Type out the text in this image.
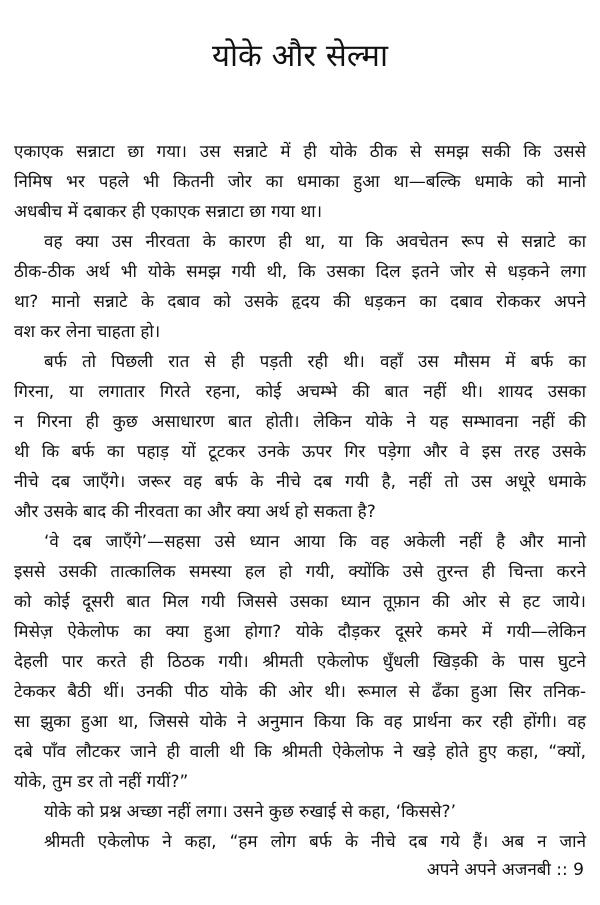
योके और सेल्मा
एकाएक सन्नाटा छा गया। उस सन्नाटे में ही योके ठीक से समझ सकी कि उससे
निमिष भर पहले भी कितनी जोर का धमाका हुआ था—बल्कि धमाके को मानो
अधबीच में दबाकर ही एकाएक सन्नाटा छा गया था।
वह क्या उस नीरवता के कारण ही था, या कि अवचेतन रूप से सन्नाटे का
ठीक-ठीक अर्थ भी योके समझ गयी थी, कि उसका दिल इतने जोर से धड़कने लगा
था? मानो सन्नाटे के दबाव को उसके हृदय की धड़कन का दबाव रोककर अपने
वश कर लेना चाहता हो।
बर्फ तो पिछली रात से ही पड़ती रही थी। वहाँ उस मौसम में बर्फ का
गिरना, या लगातार गिरते रहना, कोई अचम्भे की बात नहीं थी। शायद उसका
न गिरना ही कुछ असाधारण बात होती। लेकिन योके ने यह सम्भावना नहीं की
थी कि बर्फ का पहाड़ यों टूटकर उनके ऊपर गिर पड़ेगा और वे इस तरह उसके
नीचे दब जाएँगे। जरूर वह बर्फ के नीचे दब गयी है, नहीं तो उस अधूरे धमाके
और उसके बाद की नीरवता का और क्या अर्थ हो सकता है?
‘वे दब जाएँगे’—सहसा उसे ध्यान आया कि वह अकेली नहीं है और मानो
इससे उसकी तात्कालिक समस्या हल हो गयी, क्योंकि उसे तुरन्त ही चिन्ता करने
को कोई दूसरी बात मिल गयी जिससे उसका ध्यान तूफ़ान की ओर से हट जाये।
मिसेज़ ऐकेलोफ का क्या हुआ होगा? योके दौड़कर दूसरे कमरे में गयी—लेकिन
देहली पार करते ही ठिठक गयी। श्रीमती एकेलोफ धुँधली खिड़की के पास घुटने
टेककर बैठी थीं। उनकी पीठ योके की ओर थी। रूमाल से ढँका हुआ सिर तनिक-
सा झुका हुआ था, जिससे योके ने अनुमान किया कि वह प्रार्थना कर रही होंगी। वह
दबे पाँव लौटकर जाने ही वाली थी कि श्रीमती ऐकेलोफ ने खड़े होते हुए कहा, “क्यों,
योके, तुम डर तो नहीं गयीं?”
योके को प्रश्न अच्छा नहीं लगा। उसने कुछ रुखाई से कहा, ‘किससे?’
श्रीमती एकेलोफ ने कहा, “हम लोग बर्फ के नीचे दब गये हैं। अब न जाने
अपने अपने अजनबी :: 9
